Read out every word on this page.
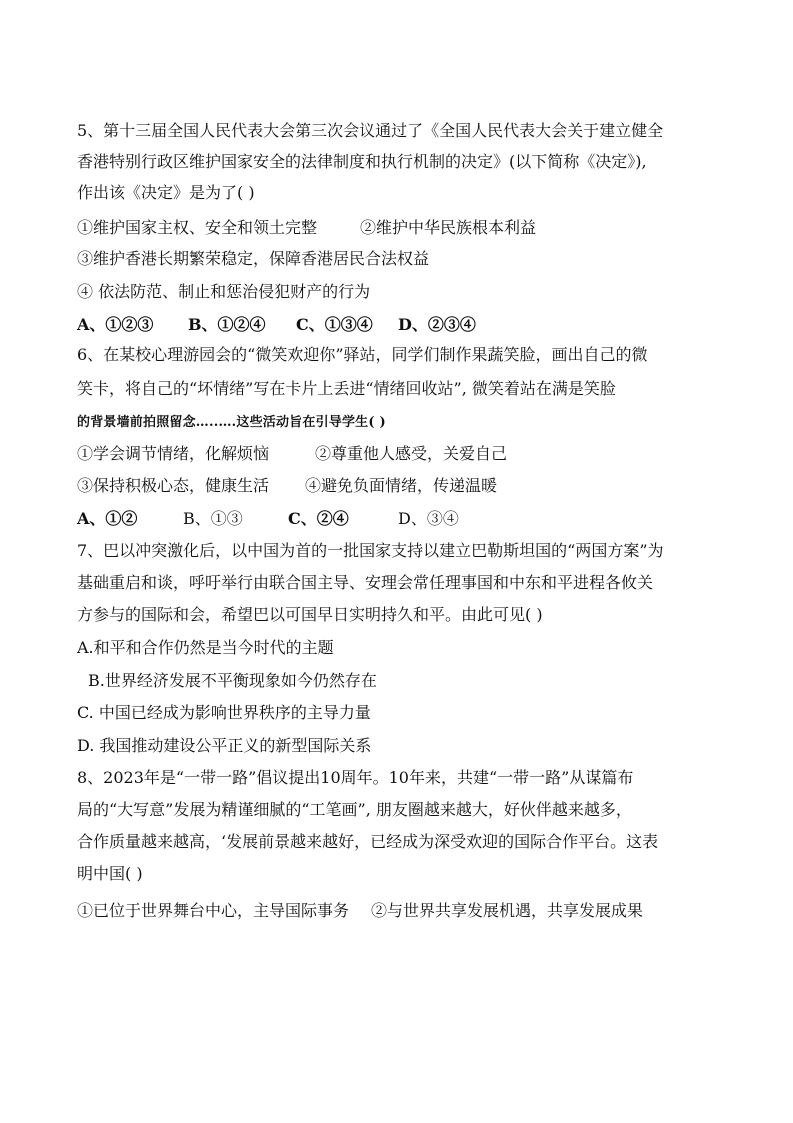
5、第十三届全国人民代表大会第三次会议通过了《全国人民代表大会关于建立健全
香港特别行政区维护国家安全的法律制度和执行机制的决定》(以下简称《决定》),
作出该《决定》是为了( )
①维护国家主权、安全和领土完整	②维护中华民族根本利益
③维护香港长期繁荣稳定，保障香港居民合法权益
④ 依法防范、制止和惩治侵犯财产的行为
A、①②③ B、①②④ C、①③④ D、②③④
6、在某校心理游园会的“微笑欢迎你”驿站，同学们制作果蔬笑脸，画出自己的微
笑卡，将自己的“坏情绪”写在卡片上丢进“情绪回收站”, 微笑着站在满是笑脸
的背景墙前拍照留念…..….这些活动旨在引导学生( )
①学会调节情绪，化解烦恼	②尊重他人感受，关爱自己
③保持积极心态，健康生活 ④避免负面情绪，传递温暖
A、①②	B、①③	C、②④	D、③④
7、巴以冲突激化后，以中国为首的一批国家支持以建立巴勒斯坦国的“两国方案”为
基础重启和谈，呼吁举行由联合国主导、安理会常任理事国和中东和平进程各攸关
方参与的国际和会，希望巴以可国早日实明持久和平。由此可见( )
A.和平和合作仍然是当今时代的主题
B.世界经济发展不平衡现象如今仍然存在
C. 中国已经成为影响世界秩序的主导力量
D. 我国推动建设公平正义的新型国际关系
8、2023年是“一带一路”倡议提出10周年。10年来，共建“一带一路”从谋篇布
局的“大写意”发展为精谨细腻的“工笔画”, 朋友圈越来越大，好伙伴越来越多，
合作质量越来越高，‘发展前景越来越好，已经成为深受欢迎的国际合作平台。这表
明中国( )
①已位于世界舞台中心，主导国际事务 ②与世界共享发展机遇，共享发展成果
